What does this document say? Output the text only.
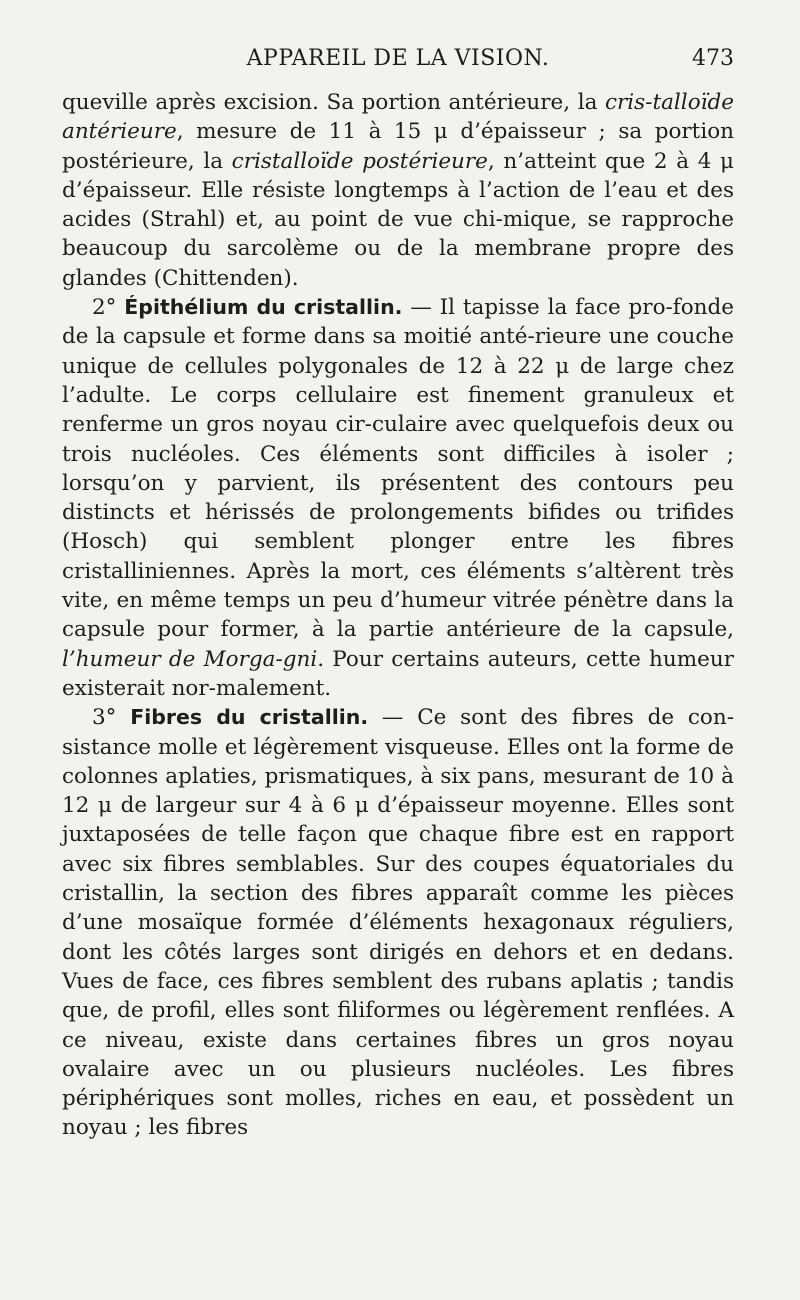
APPAREIL DE LA VISION.	473

queville après excision. Sa portion antérieure, la cris-talloïde antérieure, mesure de 11 à 15 μ d’épaisseur ; sa portion postérieure, la cristalloïde postérieure, n’atteint que 2 à 4 μ d’épaisseur. Elle résiste longtemps à l’action de l’eau et des acides (Strahl) et, au point de vue chi-mique, se rapproche beaucoup du sarcolème ou de la membrane propre des glandes (Chittenden).

2° Épithélium du cristallin. — Il tapisse la face pro-fonde de la capsule et forme dans sa moitié anté-rieure une couche unique de cellules polygonales de 12 à 22 μ de large chez l’adulte. Le corps cellulaire est finement granuleux et renferme un gros noyau cir-culaire avec quelquefois deux ou trois nucléoles. Ces éléments sont difficiles à isoler ; lorsqu’on y parvient, ils présentent des contours peu distincts et hérissés de prolongements bifides ou trifides (Hosch) qui semblent plonger entre les fibres cristalliniennes. Après la mort, ces éléments s’altèrent très vite, en même temps un peu d’humeur vitrée pénètre dans la capsule pour former, à la partie antérieure de la capsule, l’humeur de Morga-gni. Pour certains auteurs, cette humeur existerait nor-malement.

3° Fibres du cristallin. — Ce sont des fibres de con-sistance molle et légèrement visqueuse. Elles ont la forme de colonnes aplaties, prismatiques, à six pans, mesurant de 10 à 12 μ de largeur sur 4 à 6 μ d’épaisseur moyenne. Elles sont juxtaposées de telle façon que chaque fibre est en rapport avec six fibres semblables. Sur des coupes équatoriales du cristallin, la section des fibres apparaît comme les pièces d’une mosaïque formée d’éléments hexagonaux réguliers, dont les côtés larges sont dirigés en dehors et en dedans. Vues de face, ces fibres semblent des rubans aplatis ; tandis que, de profil, elles sont filiformes ou légèrement renflées. A ce niveau, existe dans certaines fibres un gros noyau ovalaire avec un ou plusieurs nucléoles. Les fibres périphériques sont molles, riches en eau, et possèdent un noyau ; les fibres
